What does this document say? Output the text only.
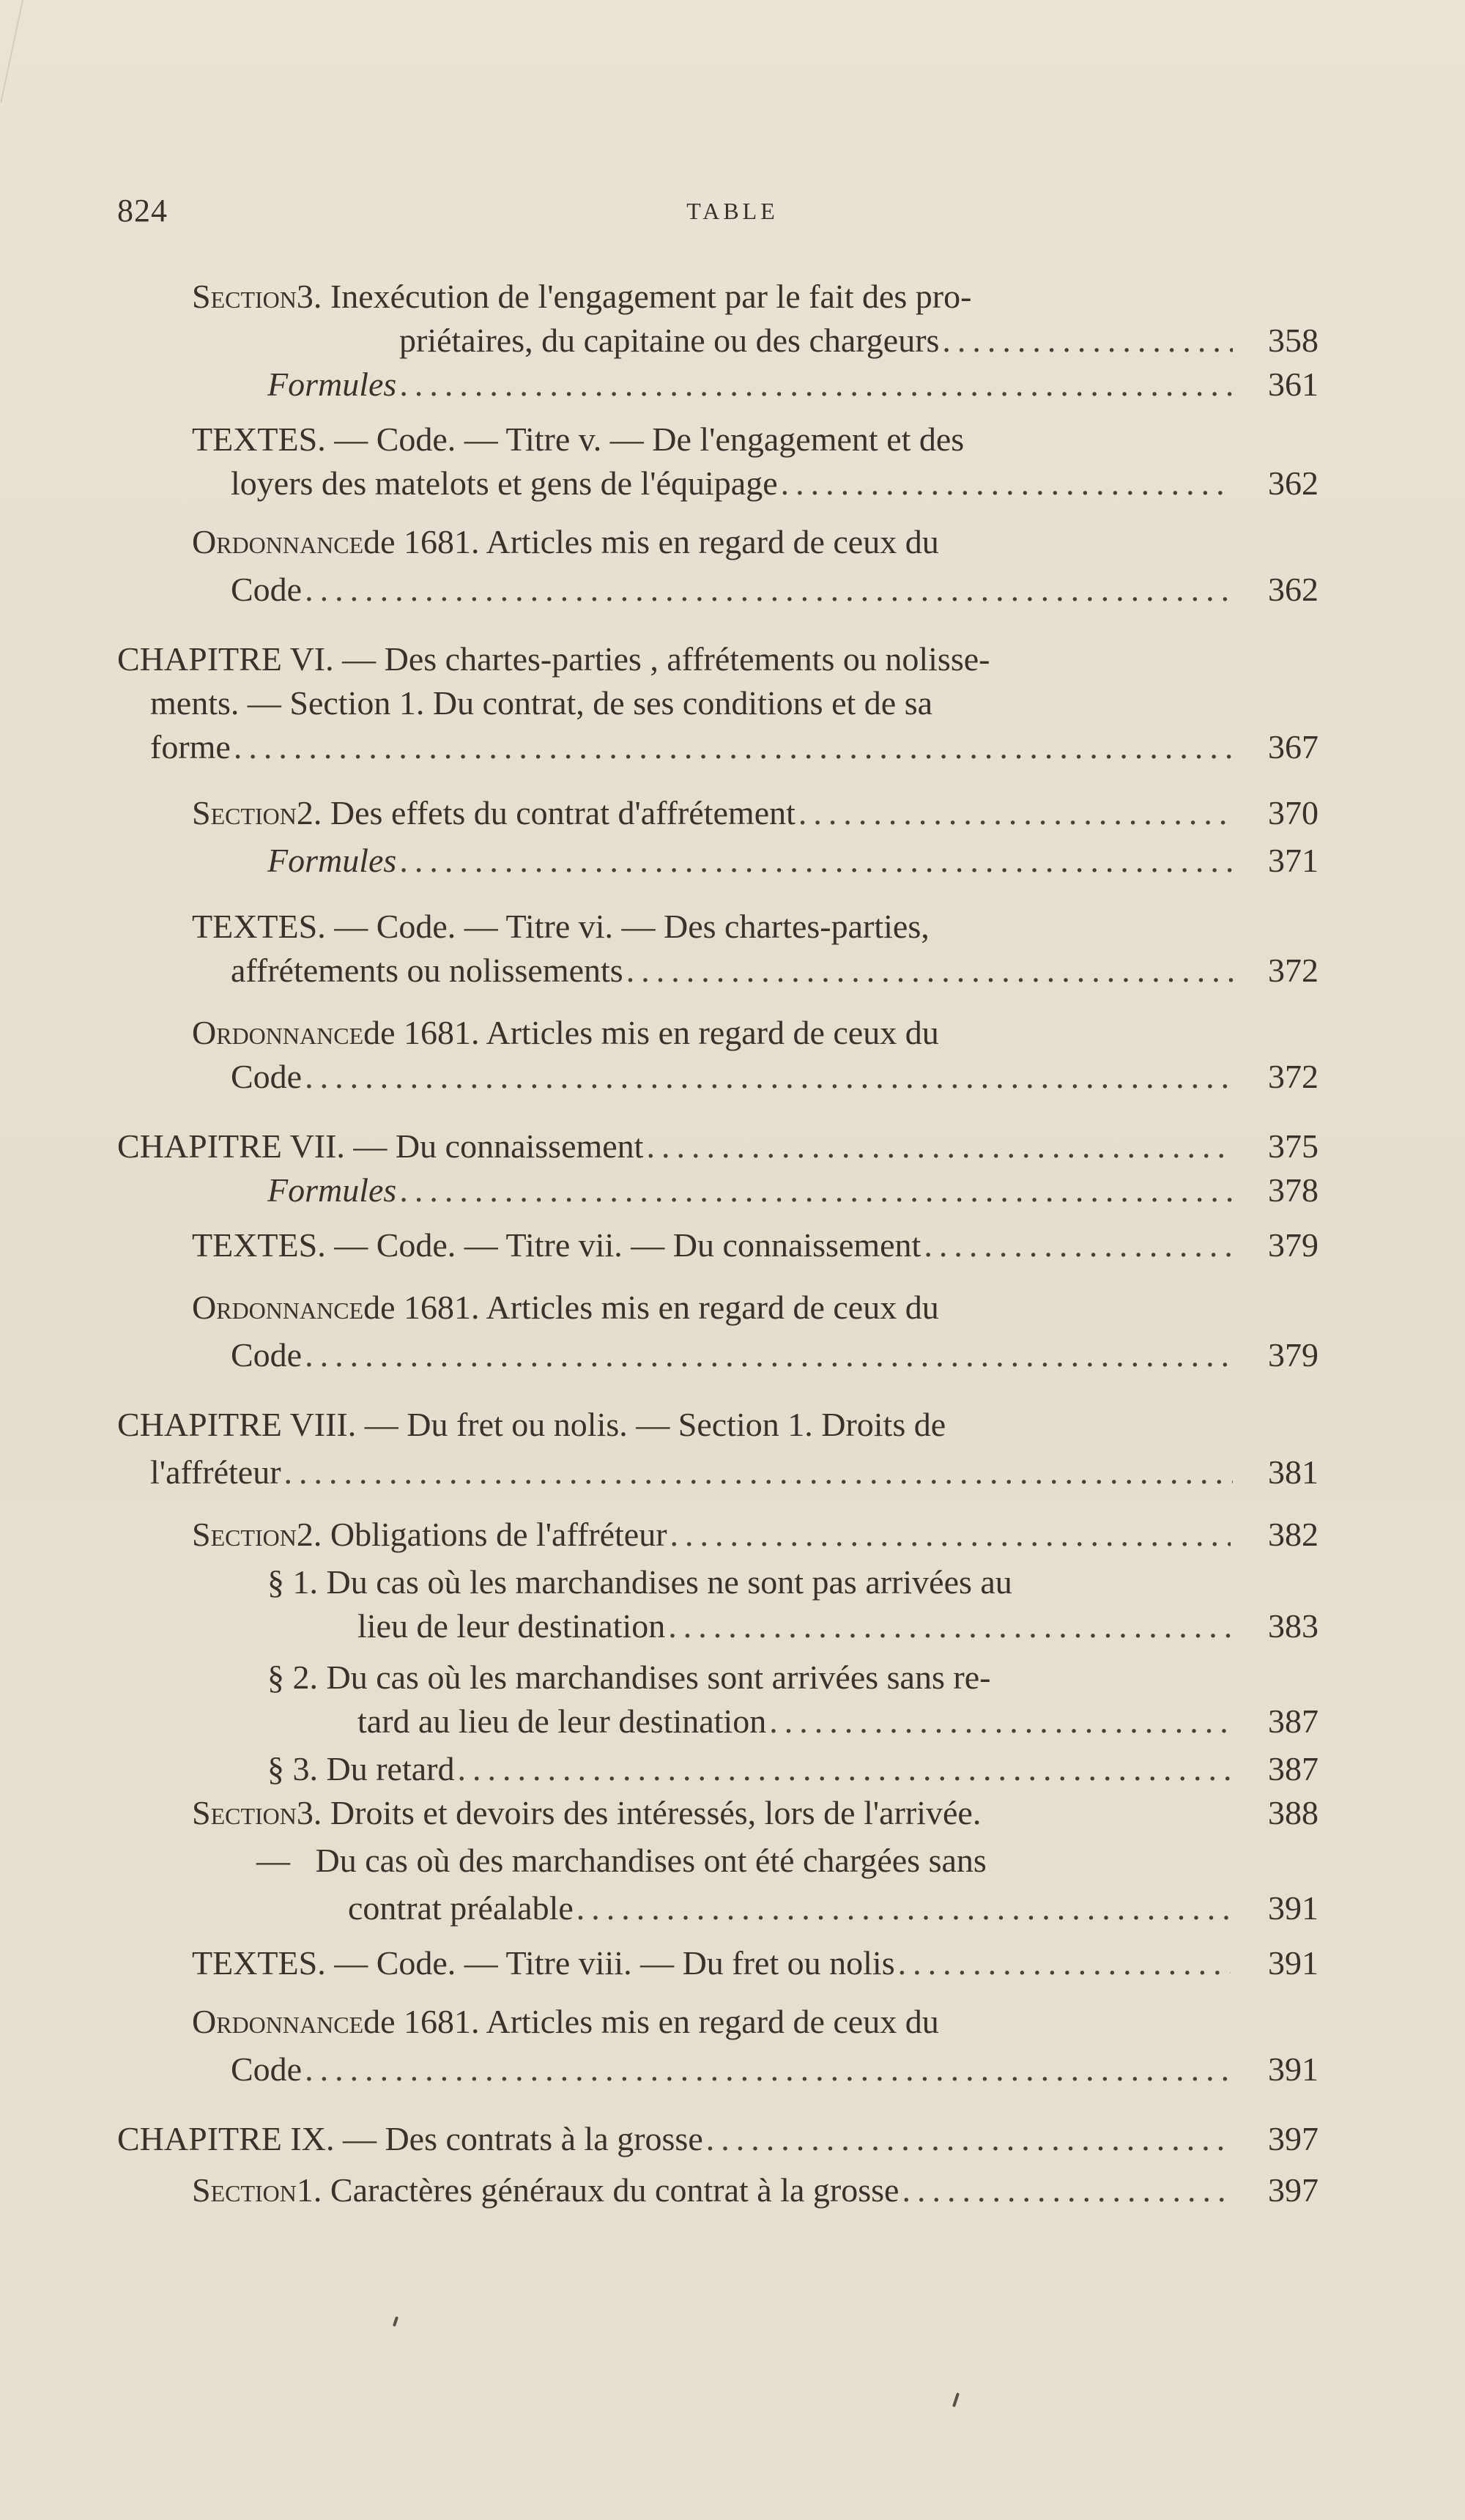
824	TABLE
Section 3. Inexécution de l'engagement par le fait des pro-
priétaires, du capitaine ou des chargeurs .....	358
Formules .....	361
TEXTES. — Code. — Titre v. — De l'engagement et des
loyers des matelots et gens de l'équipage .....	362
Ordonnance de 1681. Articles mis en regard de ceux du
Code .....	362
CHAPITRE VI. — Des chartes-parties , affrétements ou nolisse-
ments. — Section 1. Du contrat, de ses conditions et de sa
forme .....	367
Section 2. Des effets du contrat d'affrétement .....	370
Formules .....	371
TEXTES. — Code. — Titre vi. — Des chartes-parties,
affrétements ou nolissements .....	372
Ordonnance de 1681. Articles mis en regard de ceux du
Code .....	372
CHAPITRE VII. — Du connaissement .....	375
Formules .....	378
TEXTES. — Code. — Titre vii. — Du connaissement .....	379
Ordonnance de 1681. Articles mis en regard de ceux du
Code .....	379
CHAPITRE VIII. — Du fret ou nolis. — Section 1. Droits de
l'affréteur .....	381
Section 2. Obligations de l'affréteur .....	382
§ 1. Du cas où les marchandises ne sont pas arrivées au
lieu de leur destination .....	383
§ 2. Du cas où les marchandises sont arrivées sans re-
tard au lieu de leur destination .....	387
§ 3. Du retard .....	387
Section 3. Droits et devoirs des intéressés, lors de l'arrivée.	388
—   Du cas où des marchandises ont été chargées sans
contrat préalable .....	391
TEXTES. — Code. — Titre viii. — Du fret ou nolis .....	391
Ordonnance de 1681. Articles mis en regard de ceux du
Code .....	391
CHAPITRE IX. — Des contrats à la grosse .....	397
Section 1. Caractères généraux du contrat à la grosse .....	397
